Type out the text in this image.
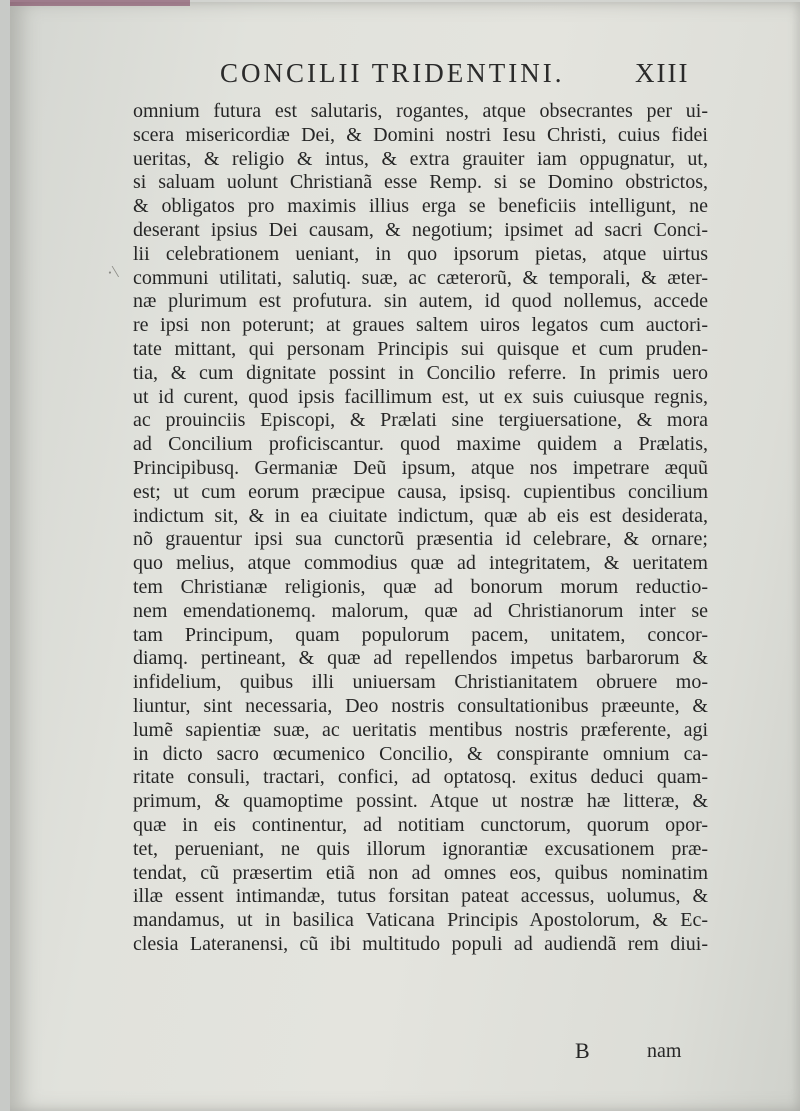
CONCILII TRIDENTINI.	XIII
·\
omnium futura est salutaris, rogantes, atque obsecrantes per ui-
scera misericordiæ Dei, & Domini nostri Iesu Christi, cuius fidei
ueritas, & religio & intus, & extra grauiter iam oppugnatur, ut,
si saluam uolunt Christianã esse Remp. si se Domino obstrictos,
& obligatos pro maximis illius erga se beneficiis intelligunt, ne
deserant ipsius Dei causam, & negotium; ipsimet ad sacri Conci-
lii celebrationem ueniant, in quo ipsorum pietas, atque uirtus
communi utilitati, salutiq. suæ, ac cæterorũ, & temporali, & æter-
næ plurimum est profutura. sin autem, id quod nollemus, accede
re ipsi non poterunt; at graues saltem uiros legatos cum auctori-
tate mittant, qui personam Principis sui quisque et cum pruden-
tia, & cum dignitate possint in Concilio referre. In primis uero
ut id curent, quod ipsis facillimum est, ut ex suis cuiusque regnis,
ac prouinciis Episcopi, & Prælati sine tergiuersatione, & mora
ad Concilium proficiscantur. quod maxime quidem a Prælatis,
Principibusq. Germaniæ Deũ ipsum, atque nos impetrare æquũ
est; ut cum eorum præcipue causa, ipsisq. cupientibus concilium
indictum sit, & in ea ciuitate indictum, quæ ab eis est desiderata,
nõ grauentur ipsi sua cunctorũ præsentia id celebrare, & ornare;
quo melius, atque commodius quæ ad integritatem, & ueritatem
tem Christianæ religionis, quæ ad bonorum morum reductio-
nem emendationemq. malorum, quæ ad Christianorum inter se
tam Principum, quam populorum pacem, unitatem, concor-
diamq. pertineant, & quæ ad repellendos impetus barbarorum &
infidelium, quibus illi uniuersam Christianitatem obruere mo-
liuntur, sint necessaria, Deo nostris consultationibus præeunte, &
lumẽ sapientiæ suæ, ac ueritatis mentibus nostris præferente, agi
in dicto sacro œcumenico Concilio, & conspirante omnium ca-
ritate consuli, tractari, confici, ad optatosq. exitus deduci quam-
primum, & quamoptime possint. Atque ut nostræ hæ litteræ, &
quæ in eis continentur, ad notitiam cunctorum, quorum opor-
tet, perueniant, ne quis illorum ignorantiæ excusationem præ-
tendat, cũ præsertim etiã non ad omnes eos, quibus nominatim
illæ essent intimandæ, tutus forsitan pateat accessus, uolumus, &
mandamus, ut in basilica Vaticana Principis Apostolorum, & Ec-
clesia Lateranensi, cũ ibi multitudo populi ad audiendã rem diui-
B	nam
